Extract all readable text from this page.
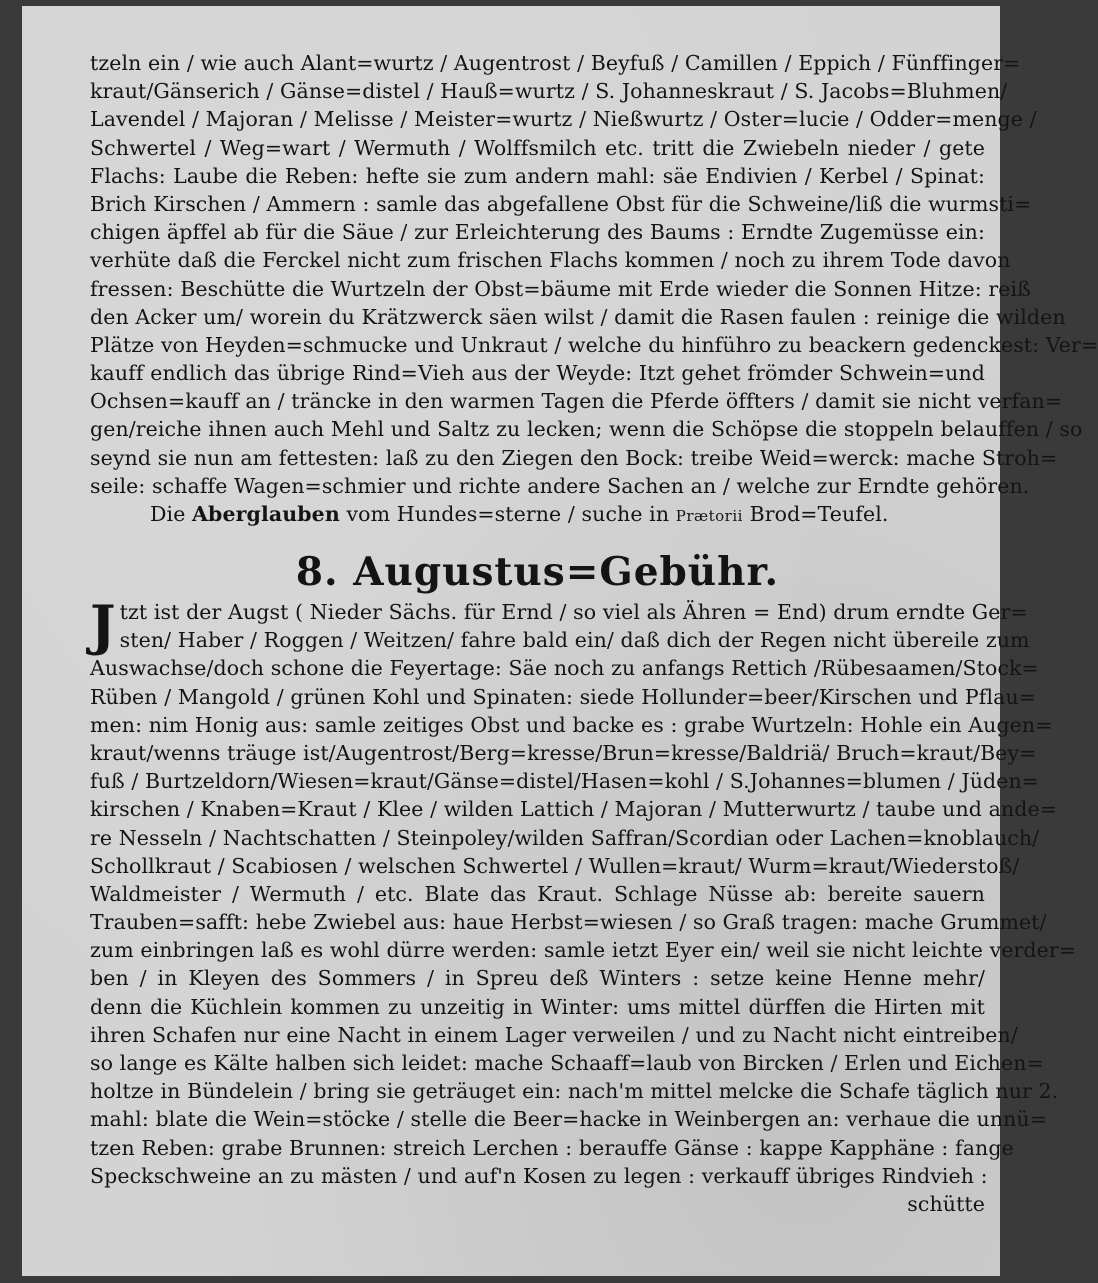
tzeln ein / wie auch Alant=wurtz / Augentrost / Beyfuß / Camillen / Eppich / Fünffinger=
kraut/Gänserich / Gänse=distel / Hauß=wurtz / S. Johanneskraut / S. Jacobs=Bluhmen/
Lavendel / Majoran / Melisse / Meister=wurtz / Nießwurtz / Oster=lucie / Odder=menge /
Schwertel / Weg=wart / Wermuth / Wolffsmilch etc. tritt die Zwiebeln nieder / gete
Flachs: Laube die Reben: hefte sie zum andern mahl: säe Endivien / Kerbel / Spinat:
Brich Kirschen / Ammern : samle das abgefallene Obst für die Schweine/liß die wurmsti=
chigen äpffel ab für die Säue / zur Erleichterung des Baums : Erndte Zugemüsse ein:
verhüte daß die Ferckel nicht zum frischen Flachs kommen / noch zu ihrem Tode davon
fressen: Beschütte die Wurtzeln der Obst=bäume mit Erde wieder die Sonnen Hitze: reiß
den Acker um/ worein du Krätzwerck säen wilst / damit die Rasen faulen : reinige die wilden
Plätze von Heyden=schmucke und Unkraut / welche du hinführo zu beackern gedenckest: Ver=
kauff endlich das übrige Rind=Vieh aus der Weyde: Itzt gehet frömder Schwein=und
Ochsen=kauff an / träncke in den warmen Tagen die Pferde öffters / damit sie nicht verfan=
gen/reiche ihnen auch Mehl und Saltz zu lecken; wenn die Schöpse die stoppeln belauffen / so
seynd sie nun am fettesten: laß zu den Ziegen den Bock: treibe Weid=werck: mache Stroh=
seile: schaffe Wagen=schmier und richte andere Sachen an / welche zur Erndte gehören.
Die Aberglauben vom Hundes=sterne / suche in Prætorii Brod=Teufel.
8. Augustus=Gebühr.
J tzt ist der Augst ( Nieder Sächs. für Ernd / so viel als Ähren = End) drum erndte Ger=
sten/ Haber / Roggen / Weitzen/ fahre bald ein/ daß dich der Regen nicht übereile zum
Auswachse/doch schone die Feyertage: Säe noch zu anfangs Rettich /Rübesaamen/Stock=
Rüben / Mangold / grünen Kohl und Spinaten: siede Hollunder=beer/Kirschen und Pflau=
men: nim Honig aus: samle zeitiges Obst und backe es : grabe Wurtzeln: Hohle ein Augen=
kraut/wenns träuge ist/Augentrost/Berg=kresse/Brun=kresse/Baldriä/ Bruch=kraut/Bey=
fuß / Burtzeldorn/Wiesen=kraut/Gänse=distel/Hasen=kohl / S.Johannes=blumen / Jüden=
kirschen / Knaben=Kraut / Klee / wilden Lattich / Majoran / Mutterwurtz / taube und ande=
re Nesseln / Nachtschatten / Steinpoley/wilden Saffran/Scordian oder Lachen=knoblauch/
Schollkraut / Scabiosen / welschen Schwertel / Wullen=kraut/ Wurm=kraut/Wiederstoß/
Waldmeister / Wermuth / etc. Blate das Kraut. Schlage Nüsse ab: bereite sauern
Trauben=safft: hebe Zwiebel aus: haue Herbst=wiesen / so Graß tragen: mache Grummet/
zum einbringen laß es wohl dürre werden: samle ietzt Eyer ein/ weil sie nicht leichte verder=
ben / in Kleyen des Sommers / in Spreu deß Winters : setze keine Henne mehr/
denn die Küchlein kommen zu unzeitig in Winter: ums mittel dürffen die Hirten mit
ihren Schafen nur eine Nacht in einem Lager verweilen / und zu Nacht nicht eintreiben/
so lange es Kälte halben sich leidet: mache Schaaff=laub von Bircken / Erlen und Eichen=
holtze in Bündelein / bring sie geträuget ein: nach'm mittel melcke die Schafe täglich nur 2.
mahl: blate die Wein=stöcke / stelle die Beer=hacke in Weinbergen an: verhaue die unnü=
tzen Reben: grabe Brunnen: streich Lerchen : berauffe Gänse : kappe Kapphäne : fange
Speckschweine an zu mästen / und auf'n Kosen zu legen : verkauff übriges Rindvieh :
schütte
